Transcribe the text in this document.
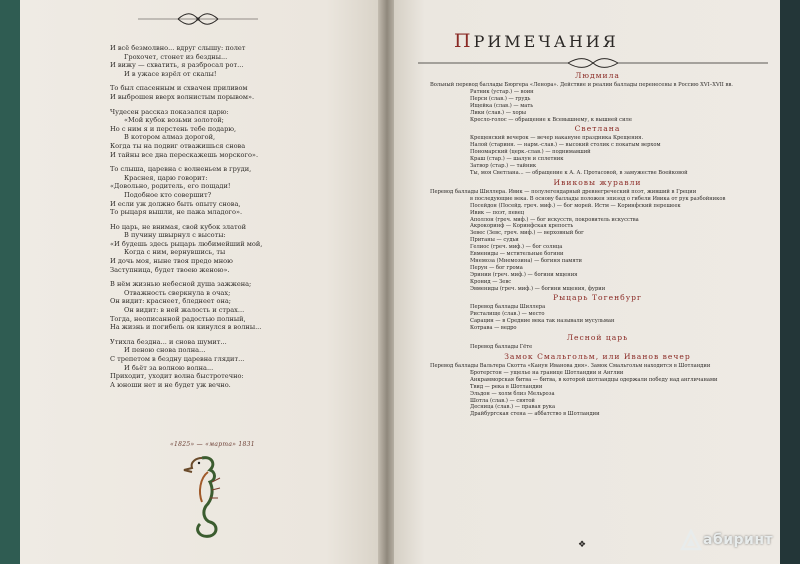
И всё безмолвно... вдруг слышу: полет
Грохочет, стонет из бездны...
И вижу — схватить, я разбросал рот...
И в ужасе взрёл от скалы!
То был спасенным и схвачен приливом
И выброшен вверх волнистым порывом».
Чудесен рассказ показался царю:
«Мой кубок возьми золотой;
Но с ним я и перстень тебе подарю,
В котором алмаз дорогой,
Когда ты на подвиг отважишься снова
И тайны все дна перескажешь морского».
То слыша, царевна с волненьем в груди,
Краснея, царю говорит:
«Довольно, родитель, его пощади!
Подобное кто совершит?
И если уж должно быть опыту снова,
То рыцаря вышли, не пажа младого».
Но царь, не внимая, свой кубок златой
В пучину швырнул с высоты:
«И будешь здесь рыцарь любимейший мой,
Когда с ним, вернувшись, ты
И дочь моя, ныне твоя предо мною
Заступница, будет твоею женою».
В нём жизнью небесной душа зажжена;
Отважность сверкнула в очах;
Он видит: краснеет, бледнеет она;
Он видит: в ней жалость и страх...
Тогда, неописанной радостью полный,
На жизнь и погибель он кинулся в волны...
Утихла бездна... и снова шумит...
И пеною снова полна...
С трепетом в бездну царевна глядит...
И бьёт за волною волна...
Приходит, уходит волна быстротечно:
А юноши нет и не будет уж вечно.
«1825» — «марта» 1831
ПРИМЕЧАНИЯ
Людмила
Вольный перевод баллады Бюргера «Ленора». Действие и реалии баллады перенесены в Россию XVI–XVII вв.
Ратник (устар.) — воин
Перси (слав.) — грудь
Ищейка (слав.) — мать
Лики (слав.) — хоры
Кресло-голос — обращение к Всевышнему, к вышней силе
Светлана
Крещенский вечерок — вечер накануне праздника Крещения.
Налой (старинн. — нарм.-слав.) — высокий столик с покатым верхом
Пономарский (церк.-слав.) — поднимавший
Краш (стар.) — шалун и сплетник
Затвор (стар.) — тайник
Ты, моя Светлана... — обращение к А. А. Протасовой, в замужестве Воейковой
Ивиковы журавли
Перевод баллады Шиллера. Ивик — полулегендарный древнегреческий поэт, живший в Греции
в последующие века. В основу баллады положен эпизод о гибели Ивика от рук разбойников
Посейдон (Посейд. греч. миф.) — бог морей. Истм — Коринфский перешеек
Ивик — поэт, певец
Аполлон (греч. миф.) — бог искусств, покровитель искусства
Акрокоринф — Коринфская крепость
Зевес (Зевс, греч. миф.) — верховный бог
Пританы — судьи
Гелиос (греч. миф.) — бог солнца
Евмениды — мстительные богини
Мнемоза (Мнемозина) — богиня памяти
Перун — бог грома
Эринии (греч. миф.) — богини мщения
Кронид — Зевс
Эвмениды (греч. миф.) — богини мщения, фурии
Рыцарь Тогенбург
Перевод баллады Шиллера
Ристалище (слав.) — место
Сарацин — в Средние века так называли мусульман
Котрава — ведро
Лесной царь
Перевод баллады Гёте
Замок Смальгольм, или Иванов вечер
Перевод баллады Вальтера Скотта «Канун Иванова дня». Замок Смальгольм находится в Шотландии
Бротерстон — ущелье на границе Шотландии и Англии
Анкрамморская битва — битва, в которой шотландцы одержали победу над англичанами
Твид — река в Шотландии
Эльдон — холм близ Мельроза
Шотла (слав.) — святой
Десница (слав.) — правая рука
Драйбургская стена — аббатство в Шотландии
❖	абиринт
